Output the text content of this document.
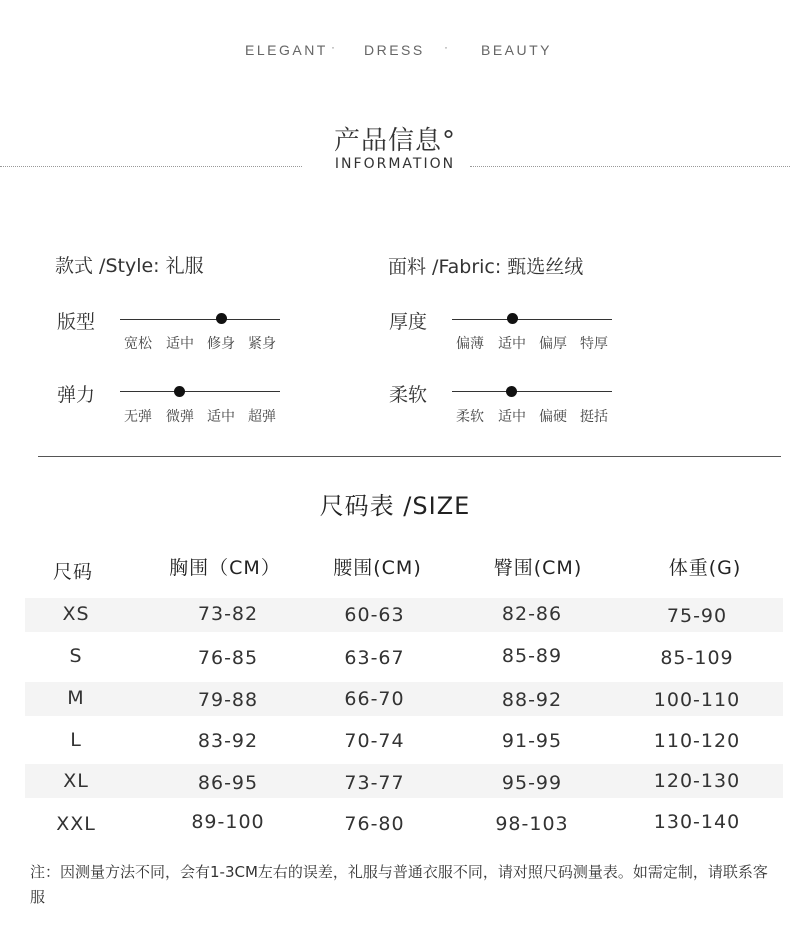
ELEGANT · DRESS · BEAUTY
产品信息°
INFORMATION
款式 /Style: 礼服	面料 /Fabric: 甄选丝绒
版型
宽松 适中 修身 紧身
弹力
无弹 微弹 适中 超弹
厚度
偏薄 适中 偏厚 特厚
柔软
柔软 适中 偏硬 挺括
尺码表 /SIZE
尺码	胸围（CM）	腰围(CM)	臀围(CM)	体重(G)
XS	73-82	60-63	82-86	75-90
S	76-85	63-67	85-89	85-109
M	79-88	66-70	88-92	100-110
L	83-92	70-74	91-95	110-120
XL	86-95	73-77	95-99	120-130
XXL	89-100	76-80	98-103	130-140
注：因测量方法不同，会有1-3CM左右的误差，礼服与普通衣服不同，请对照尺码测量表。如需定制，请联系客服
